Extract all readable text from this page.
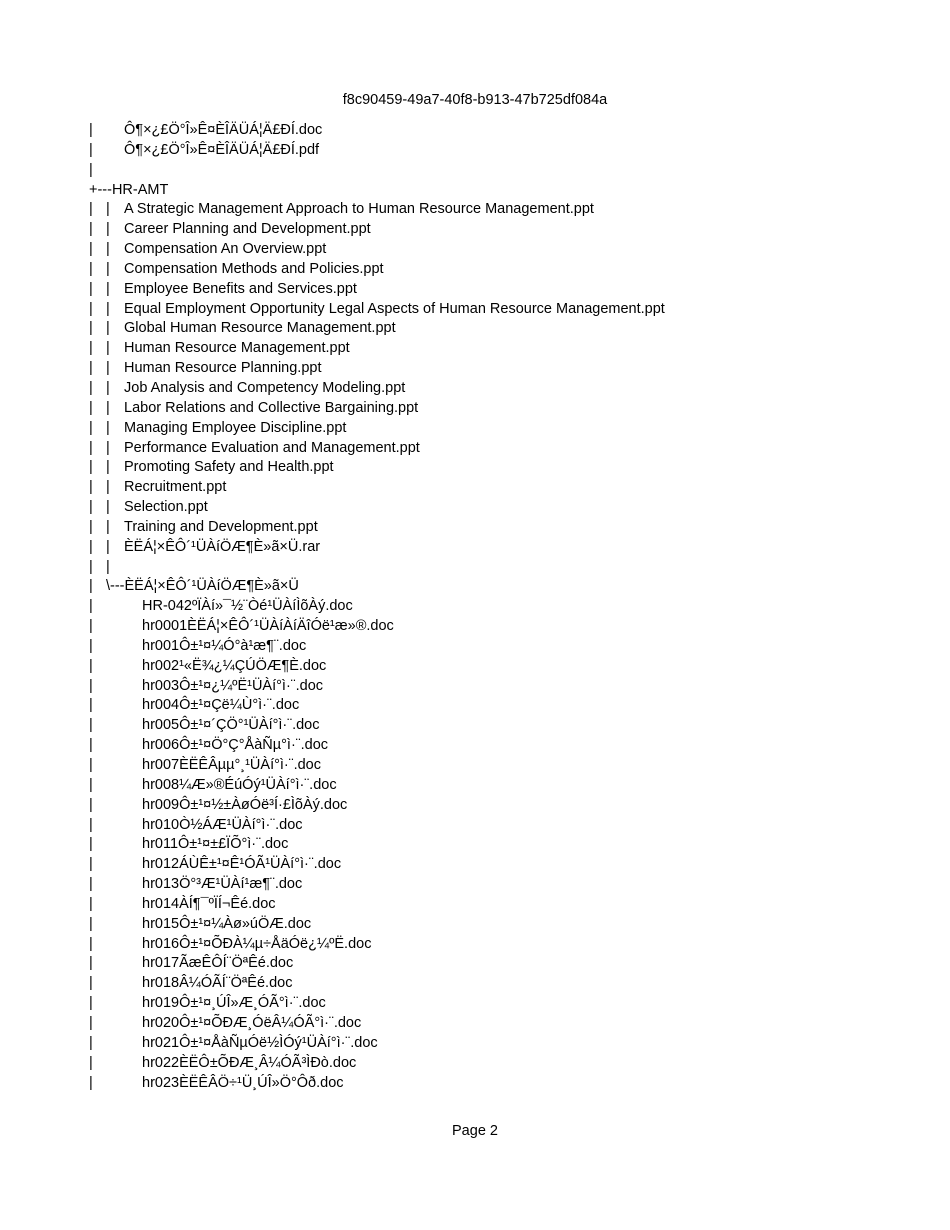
f8c90459-49a7-40f8-b913-47b725df084a

|

Ô¶×¿£Ö°Î»Ê¤ÈÎÄÜÁ¦Ä£ÐÍ.doc

|

Ô¶×¿£Ö°Î»Ê¤ÈÎÄÜÁ¦Ä£ÐÍ.pdf

|

+---HR-AMT

|

|

A Strategic Management Approach to Human Resource Management.ppt

|

|

Career Planning and Development.ppt

|

|

Compensation An Overview.ppt

|

|

Compensation Methods and Policies.ppt

|

|

Employee Benefits and Services.ppt

|

|

Equal Employment Opportunity Legal Aspects of Human Resource Management.ppt

|

|

Global Human Resource Management.ppt

|

|

Human Resource Management.ppt

|

|

Human Resource Planning.ppt

|

|

Job Analysis and Competency Modeling.ppt

|

|

Labor Relations and Collective Bargaining.ppt

|

|

Managing Employee Discipline.ppt

|

|

Performance Evaluation and Management.ppt

|

|

Promoting Safety and Health.ppt

|

|

Recruitment.ppt

|

|

Selection.ppt

|

|

Training and Development.ppt

|

|

ÈËÁ¦×ÊÔ´¹ÜÀíÖÆ¶È»ã×Ü.rar

|

|

|

\---ÈËÁ¦×ÊÔ´¹ÜÀíÖÆ¶È»ã×Ü

|

	HR-042ºÏÀí»¯½¨Òé¹ÜÀíÌõÀý.doc

|

	hr0001ÈËÁ¦×ÊÔ´¹ÜÀíÀíÄîÓë¹æ»®.doc

|

	hr001Ô±¹¤¼Ó°à¹æ¶¨.doc

|

	hr002¹«Ë¾¿¼ÇÚÖÆ¶È.doc

|

	hr003Ô±¹¤¿¼ºË¹ÜÀí°ì·¨.doc

|

	hr004Ô±¹¤Çë¼Ù°ì·¨.doc

|

	hr005Ô±¹¤´ÇÖ°¹ÜÀí°ì·¨.doc

|

	hr006Ô±¹¤Ö°Ç°ÅàÑµ°ì·¨.doc

|

	hr007ÈËÊÂµµ°¸¹ÜÀí°ì·¨.doc

|

	hr008¼Æ»®ÉúÓý¹ÜÀí°ì·¨.doc

|

	hr009Ô±¹¤½±ÀøÓë³Í·£ÌõÀý.doc

|

	hr010Ò½ÁÆ¹ÜÀí°ì·¨.doc

|

	hr011Ô±¹¤±£ÏÕ°ì·¨.doc

|

	hr012ÁÙÊ±¹¤Ê¹ÓÃ¹ÜÀí°ì·¨.doc

|

	hr013Ö°³Æ¹ÜÀí¹æ¶¨.doc

|

	hr014ÀÍ¶¯ºÏÍ¬Êé.doc

|

	hr015Ô±¹¤¼Àø»úÖÆ.doc

|

	hr016Ô±¹¤ÕÐÀ¼µ÷ÅäÓë¿¼ºË.doc

|

	hr017ÃæÊÔÍ¨ÖªÊé.doc

|

	hr018Â¼ÓÃÍ¨ÖªÊé.doc

|

	hr019Ô±¹¤¸ÚÎ»Æ¸ÓÃ°ì·¨.doc

|

	hr020Ô±¹¤ÕÐÆ¸ÓëÂ¼ÓÃ°ì·¨.doc

|

	hr021Ô±¹¤ÅàÑµÓë½ÌÓý¹ÜÀí°ì·¨.doc

|

	hr022ÈËÔ±ÕÐÆ¸Â¼ÓÃ³ÌÐò.doc

|

	hr023ÈËÊÂÖ÷¹Ü¸ÚÎ»Ö°Ôð.doc

Page 2
